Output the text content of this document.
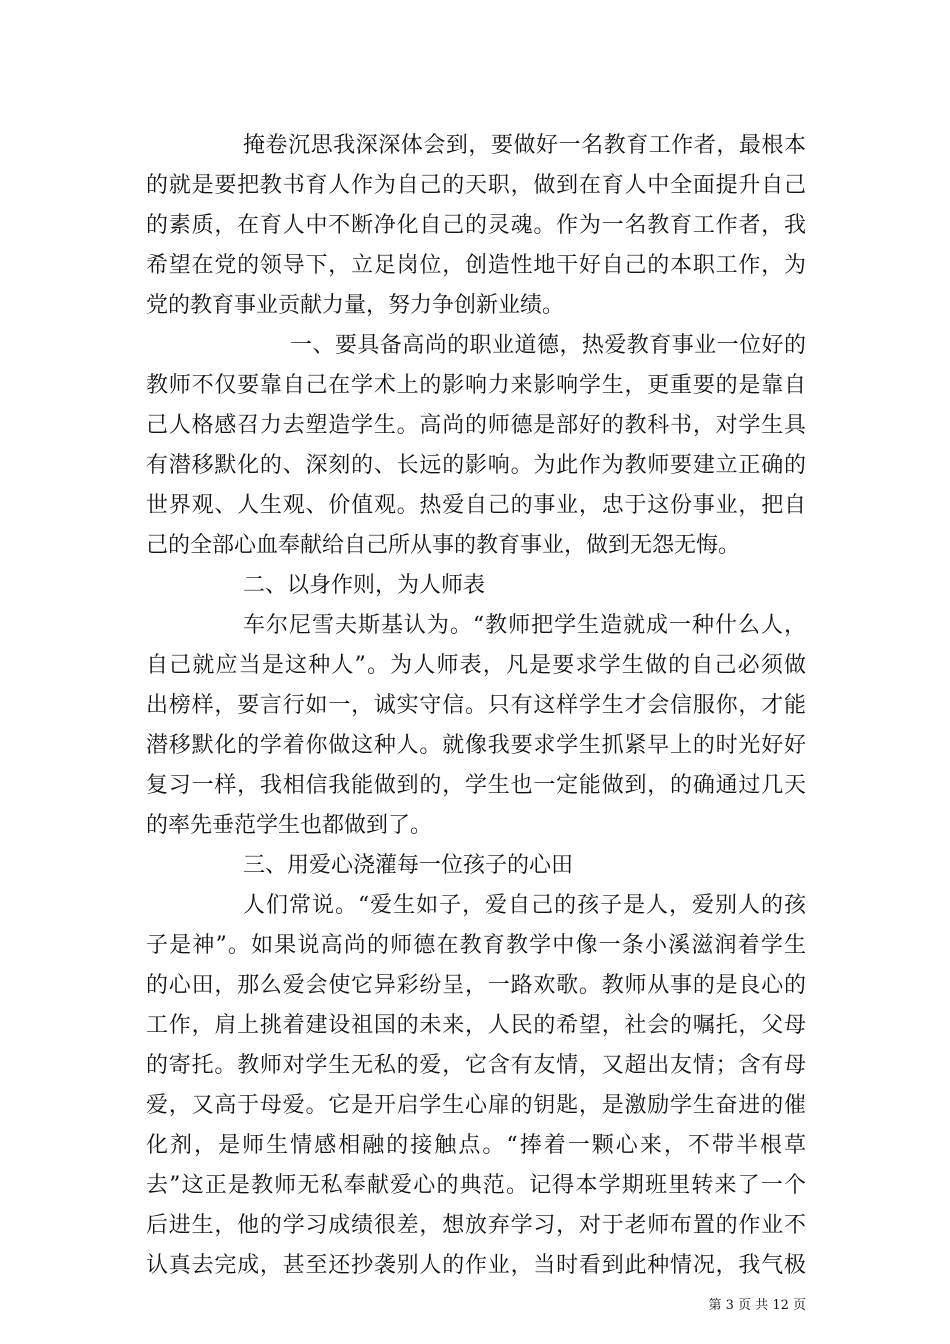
掩卷沉思我深深体会到，要做好一名教育工作者，最根本
的就是要把教书育人作为自己的天职，做到在育人中全面提升自己
的素质，在育人中不断净化自己的灵魂。作为一名教育工作者，我
希望在党的领导下，立足岗位，创造性地干好自己的本职工作，为
党的教育事业贡献力量，努力争创新业绩。
一、要具备高尚的职业道德，热爱教育事业一位好的
教师不仅要靠自己在学术上的影响力来影响学生，更重要的是靠自
己人格感召力去塑造学生。高尚的师德是部好的教科书，对学生具
有潜移默化的、深刻的、长远的影响。为此作为教师要建立正确的
世界观、人生观、价值观。热爱自己的事业，忠于这份事业，把自
己的全部心血奉献给自己所从事的教育事业，做到无怨无悔。
二、以身作则，为人师表
车尔尼雪夫斯基认为。“教师把学生造就成一种什么人，
自己就应当是这种人”。为人师表，凡是要求学生做的自己必须做
出榜样，要言行如一，诚实守信。只有这样学生才会信服你，才能
潜移默化的学着你做这种人。就像我要求学生抓紧早上的时光好好
复习一样，我相信我能做到的，学生也一定能做到，的确通过几天
的率先垂范学生也都做到了。
三、用爱心浇灌每一位孩子的心田
人们常说。“爱生如子，爱自己的孩子是人，爱别人的孩
子是神”。如果说高尚的师德在教育教学中像一条小溪滋润着学生
的心田，那么爱会使它异彩纷呈，一路欢歌。教师从事的是良心的
工作，肩上挑着建设祖国的未来，人民的希望，社会的嘱托，父母
的寄托。教师对学生无私的爱，它含有友情，又超出友情；含有母
爱，又高于母爱。它是开启学生心扉的钥匙，是激励学生奋进的催
化剂，是师生情感相融的接触点。“捧着一颗心来，不带半根草
去”这正是教师无私奉献爱心的典范。记得本学期班里转来了一个
后进生，他的学习成绩很差，想放弃学习，对于老师布置的作业不
认真去完成，甚至还抄袭别人的作业，当时看到此种情况，我气极
第 3 页 共 12 页
